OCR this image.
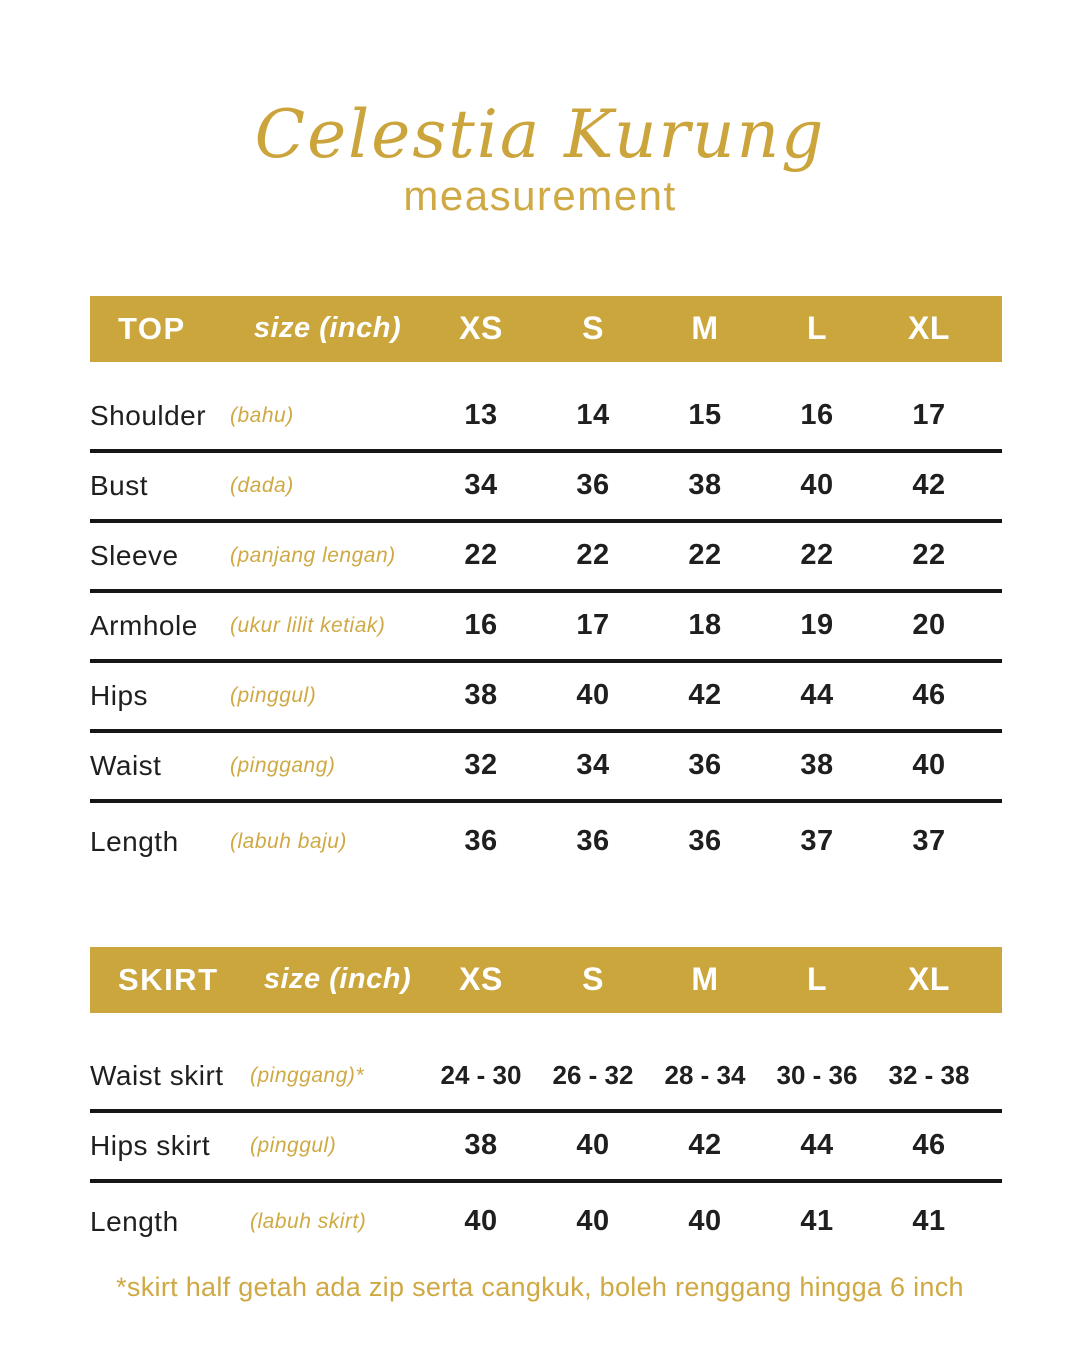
Celestia Kurung
measurement
TOP	size (inch)	XS	S	M	L	XL
Shoulder	(bahu)	13	14	15	16	17
Bust	(dada)	34	36	38	40	42
Sleeve	(panjang lengan)	22	22	22	22	22
Armhole	(ukur lilit ketiak)	16	17	18	19	20
Hips	(pinggul)	38	40	42	44	46
Waist	(pinggang)	32	34	36	38	40
Length	(labuh baju)	36	36	36	37	37
SKIRT	size (inch)	XS	S	M	L	XL
Waist skirt	(pinggang)*	24 - 30	26 - 32	28 - 34	30 - 36	32 - 38
Hips skirt	(pinggul)	38	40	42	44	46
Length	(labuh skirt)	40	40	40	41	41
*skirt half getah ada zip serta cangkuk, boleh renggang hingga 6 inch
